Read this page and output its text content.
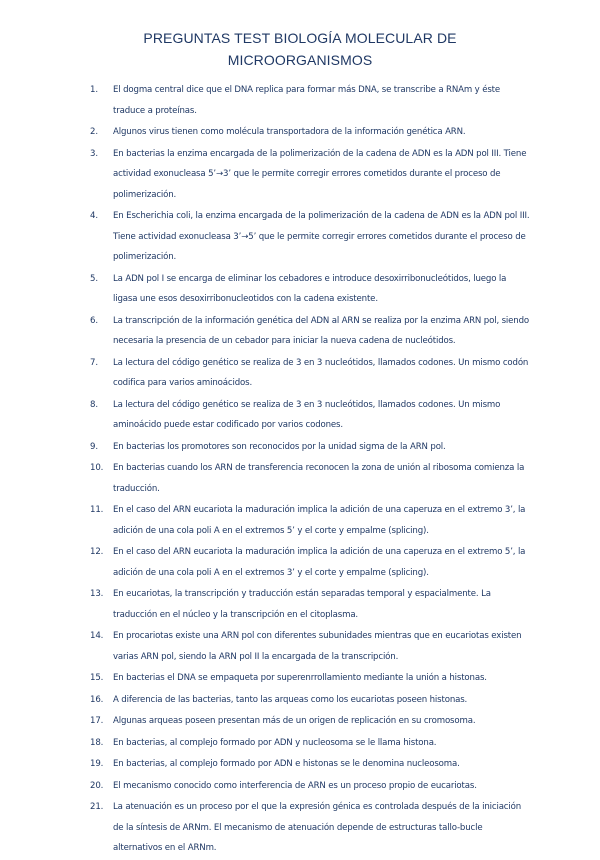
PREGUNTAS TEST BIOLOGÍA MOLECULAR DE
MICROORGANISMOS
1.	El dogma central dice que el DNA replica para formar más DNA, se transcribe a RNAm y éste traduce a proteínas.
2.	Algunos virus tienen como molécula transportadora de la información genética ARN.
3.	En bacterias la enzima encargada de la polimerización de la cadena de ADN es la ADN pol III. Tiene actividad exonucleasa 5’→3’ que le permite corregir errores cometidos durante el proceso de polimerización.
4.	En Escherichia coli, la enzima encargada de la polimerización de la cadena de ADN es la ADN pol III. Tiene actividad exonucleasa 3’→5’ que le permite corregir errores cometidos durante el proceso de polimerización.
5.	La ADN pol I se encarga de eliminar los cebadores e introduce desoxirribonucleótidos, luego la ligasa une esos desoxirribonucleotidos con la cadena existente.
6.	La transcripción de la información genética del ADN al ARN se realiza por la enzima ARN pol, siendo necesaria la presencia de un cebador para iniciar la nueva cadena de nucleótidos.
7.	La lectura del código genético se realiza de 3 en 3 nucleótidos, llamados codones. Un mismo codón codifica para varios aminoácidos.
8.	La lectura del código genético se realiza de 3 en 3 nucleótidos, llamados codones. Un mismo aminoácido puede estar codificado por varios codones.
9.	En bacterias los promotores son reconocidos por la unidad sigma de la ARN pol.
10.	En bacterias cuando los ARN de transferencia reconocen la zona de unión al ribosoma comienza la traducción.
11.	En el caso del ARN eucariota la maduración implica la adición de una caperuza en el extremo 3’, la adición de una cola poli A en el extremos 5’ y el corte y empalme (splicing).
12.	En el caso del ARN eucariota la maduración implica la adición de una caperuza en el extremo 5’, la adición de una cola poli A en el extremos 3’ y el corte y empalme (splicing).
13.	En eucariotas, la transcripción y traducción están separadas temporal y espacialmente. La traducción en el núcleo y la transcripción en el citoplasma.
14.	En procariotas existe una ARN pol con diferentes subunidades mientras que en eucariotas existen varias ARN pol, siendo la ARN pol II la encargada de la transcripción.
15.	En bacterias el DNA se empaqueta por superenrrollamiento mediante la unión a histonas.
16.	A diferencia de las bacterias, tanto las arqueas como los eucariotas poseen histonas.
17.	Algunas arqueas poseen presentan más de un origen de replicación en su cromosoma.
18.	En bacterias, al complejo formado por ADN y nucleosoma se le llama histona.
19.	En bacterias, al complejo formado por ADN e histonas se le denomina nucleosoma.
20.	El mecanismo conocido como interferencia de ARN es un proceso propio de eucariotas.
21.	La atenuación es un proceso por el que la expresión génica es controlada después de la iniciación de la síntesis de ARNm. El mecanismo de atenuación depende de estructuras tallo-bucle alternativos en el ARNm.
